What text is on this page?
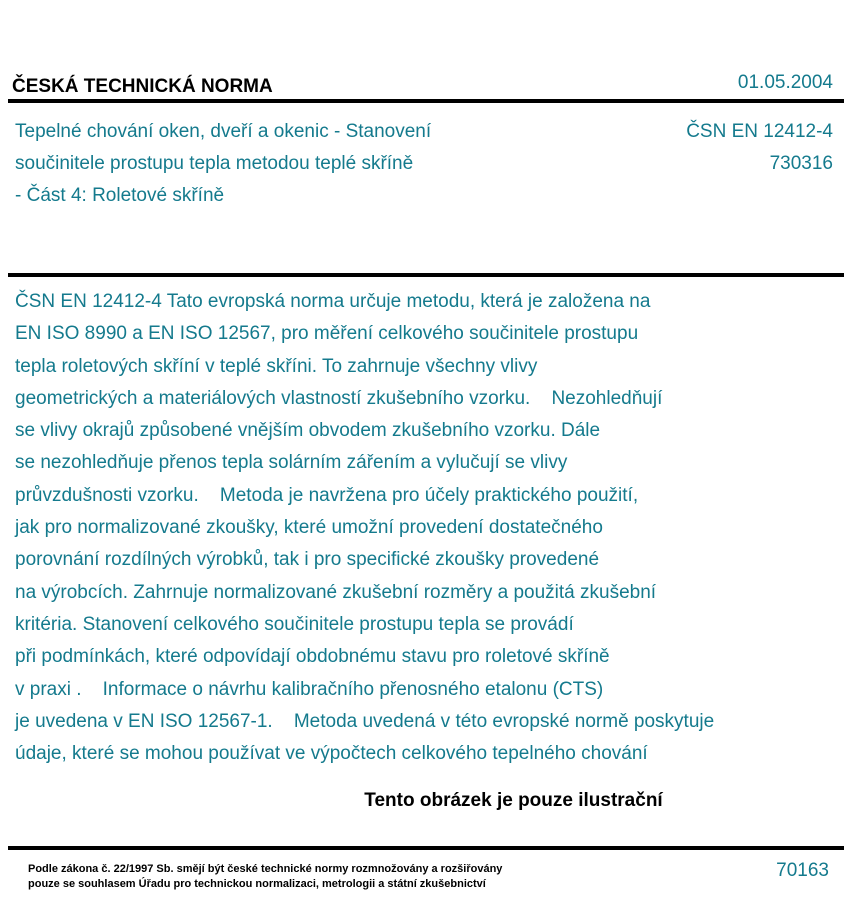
ČESKÁ TECHNICKÁ NORMA	01.05.2004
Tepelné chování oken, dveří a okenic - Stanovení
součinitele prostupu tepla metodou teplé skříně
- Část 4: Roletové skříně
ČSN EN 12412-4
730316
ČSN EN 12412-4 Tato evropská norma určuje metodu, která je založena na
EN ISO 8990 a EN ISO 12567, pro měření celkového součinitele prostupu
tepla roletových skříní v teplé skříni. To zahrnuje všechny vlivy
geometrických a materiálových vlastností zkušebního vzorku.    Nezohledňují
se vlivy okrajů způsobené vnějším obvodem zkušebního vzorku. Dále
se nezohledňuje přenos tepla solárním zářením a vylučují se vlivy
průvzdušnosti vzorku.    Metoda je navržena pro účely praktického použití,
jak pro normalizované zkoušky, které umožní provedení dostatečného
porovnání rozdílných výrobků, tak i pro specifické zkoušky provedené
na výrobcích. Zahrnuje normalizované zkušební rozměry a použitá zkušební
kritéria. Stanovení celkového součinitele prostupu tepla se provádí
při podmínkách, které odpovídají obdobnému stavu pro roletové skříně
v praxi .    Informace o návrhu kalibračního přenosného etalonu (CTS)
je uvedena v EN ISO 12567-1.    Metoda uvedená v této evropské normě poskytuje
údaje, které se mohou používat ve výpočtech celkového tepelného chování
Tento obrázek je pouze ilustrační
Podle zákona č. 22/1997 Sb. smějí být české technické normy rozmnožovány a rozšiřovány
pouze se souhlasem Úřadu pro technickou normalizaci, metrologii a státní zkušebnictví
70163
